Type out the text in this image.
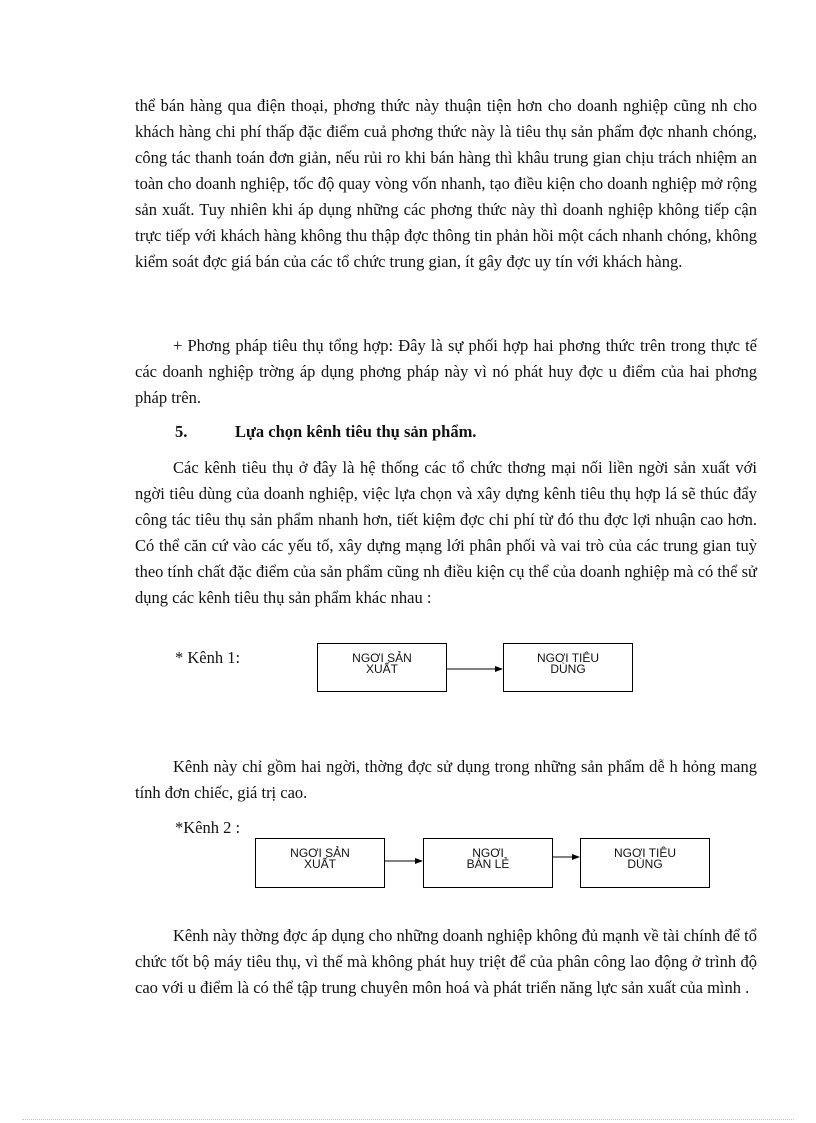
thể bán hàng qua điện thoại, phơng thức này thuận tiện hơn cho doanh nghiệp cũng nh cho khách hàng chi phí thấp đặc điểm cuả phơng thức này là tiêu thụ sản phẩm đợc nhanh chóng, công tác thanh toán đơn giản, nếu rủi ro khi bán hàng thì khâu trung gian chịu trách nhiệm an toàn cho doanh nghiệp, tốc độ quay vòng vốn nhanh, tạo điều kiện cho doanh nghiệp mở rộng sản xuất. Tuy nhiên khi áp dụng những các phơng thức này thì doanh nghiệp không tiếp cận trực tiếp với khách hàng không thu thập đợc thông tin phản hồi một cách nhanh chóng, không kiểm soát đợc giá bán của các tổ chức trung gian, ít gây đợc uy tín với khách hàng.

+ Phơng pháp tiêu thụ tổng hợp: Đây là sự phối hợp hai phơng thức trên trong thực tế các doanh nghiệp trờng áp dụng phơng pháp này vì nó phát huy đợc u điểm của hai phơng pháp trên.

5.	Lựa chọn kênh tiêu thụ sản phẩm.

Các kênh tiêu thụ ở đây là hệ thống các tổ chức thơng mại nối liền ngời sản xuất với ngời tiêu dùng của doanh nghiệp, việc lựa chọn và xây dựng kênh tiêu thụ hợp lá sẽ thúc đẩy công tác tiêu thụ sản phẩm nhanh hơn, tiết kiệm đợc chi phí từ đó thu đợc lợi nhuận cao hơn. Có thể căn cứ vào các yếu tố, xây dựng mạng lới phân phối và vai trò của các trung gian tuỳ theo tính chất đặc điểm của sản phẩm cũng nh điều kiện cụ thể của doanh nghiệp mà có thể sử dụng các kênh tiêu thụ sản phẩm khác nhau :

* Kênh 1:	NGƠI SẢN
XUẤT
NGƠI TIÊU
DÙNG

Kênh này chỉ gồm hai ngời, thờng đợc sử dụng trong những sản phẩm dễ h hỏng mang tính đơn chiếc, giá trị cao.

*Kênh 2 :
NGƠI SẢN
XUẤT
NGƠI
BÁN LẺ
NGƠI TIÊU
DÙNG

Kênh này thờng đợc áp dụng cho những doanh nghiệp không đủ mạnh về tài chính để tổ chức tốt bộ máy tiêu thụ, vì thế mà không phát huy triệt để của phân công lao động ở trình độ cao với u điểm là có thể tập trung chuyên môn hoá và phát triển năng lực sản xuất của mình .
